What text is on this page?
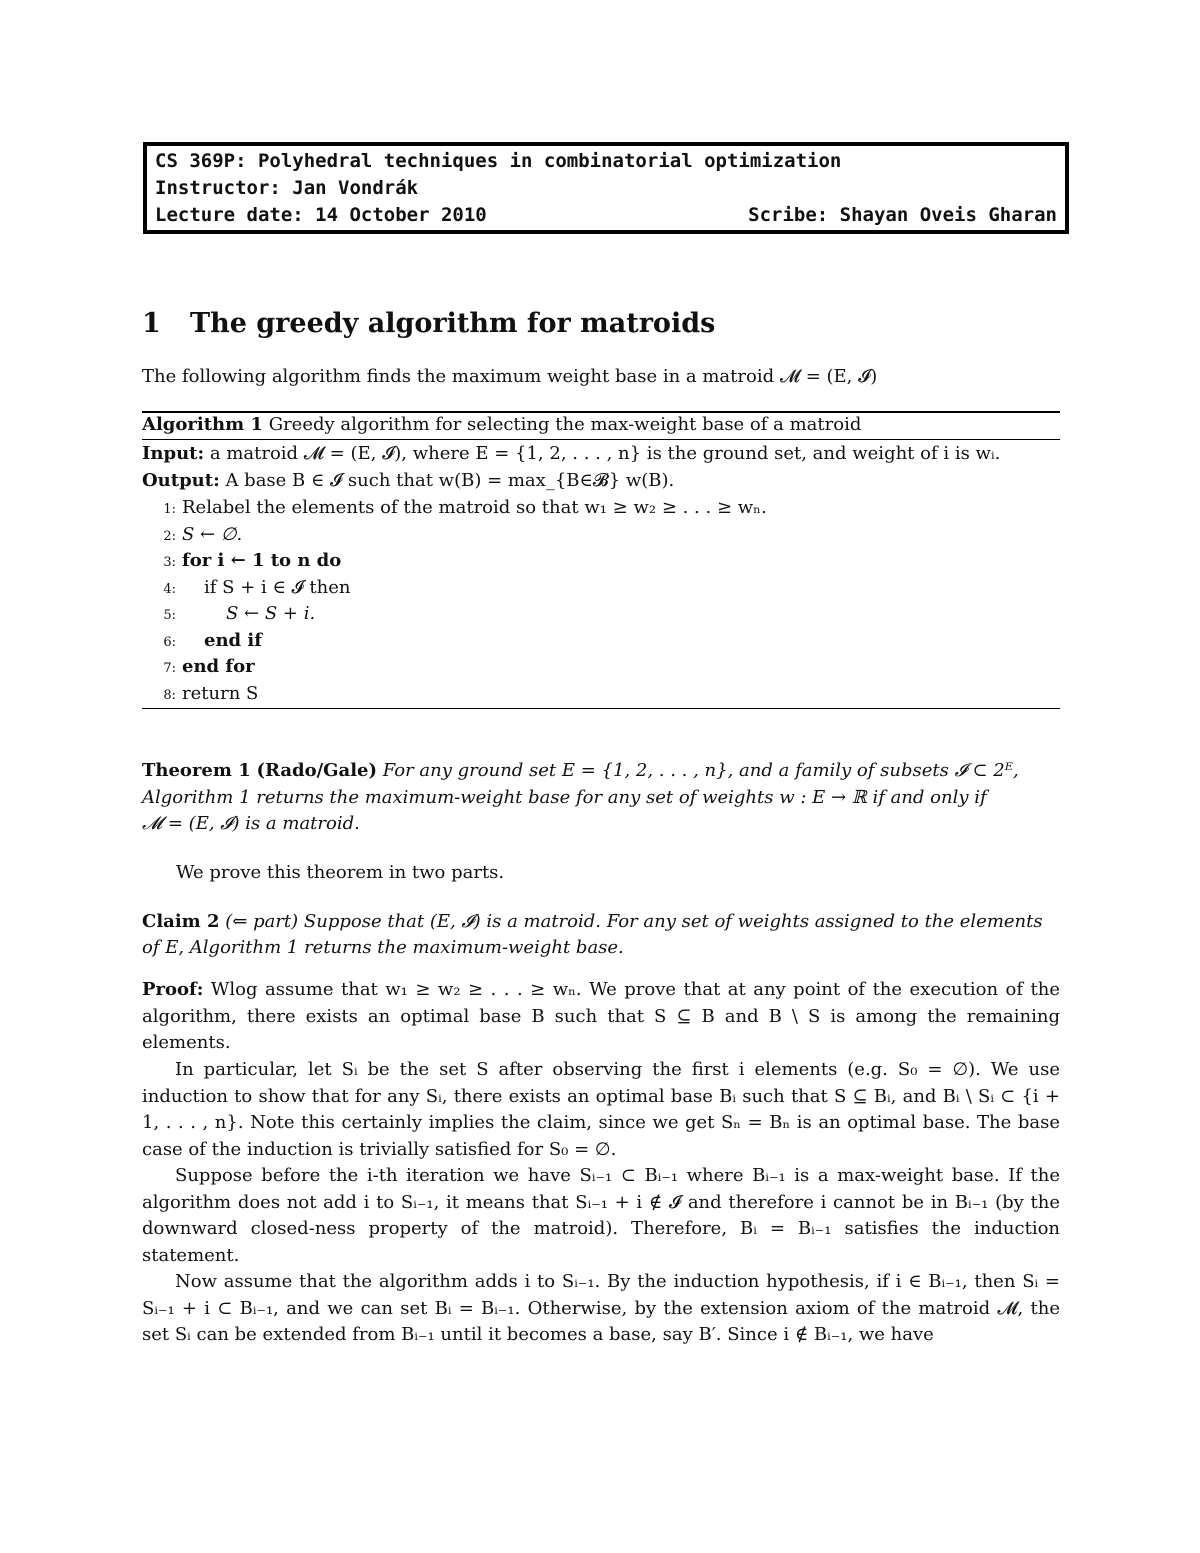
CS 369P: Polyhedral techniques in combinatorial optimization
Instructor: Jan Vondrák
Lecture date: 14 October 2010	Scribe: Shayan Oveis Gharan
1 The greedy algorithm for matroids
The following algorithm finds the maximum weight base in a matroid 𝓜 = (E, 𝓘)
Algorithm 1 Greedy algorithm for selecting the max-weight base of a matroid
Input: a matroid 𝓜 = (E, 𝓘), where E = {1, 2, . . . , n} is the ground set, and weight of i is wᵢ.
Output: A base B ∈ 𝓘 such that w(B) = max_{B∈𝓑} w(B).
1: Relabel the elements of the matroid so that w₁ ≥ w₂ ≥ . . . ≥ wₙ.
2: S ← ∅.
3: for i ← 1 to n do
4: if S + i ∈ 𝓘 then
5:	S ← S + i.
6: end if
7: end for
8: return S
Theorem 1 (Rado/Gale) For any ground set E = {1, 2, . . . , n}, and a family of subsets 𝓘 ⊂ 2ᴱ,
Algorithm 1 returns the maximum-weight base for any set of weights w : E → ℝ if and only if
𝓜 = (E, 𝓘) is a matroid.
We prove this theorem in two parts.
Claim 2 (⇐ part) Suppose that (E, 𝓘) is a matroid. For any set of weights assigned to the elements
of E, Algorithm 1 returns the maximum-weight base.
Proof: Wlog assume that w₁ ≥ w₂ ≥ . . . ≥ wₙ. We prove that at any point of the execution of the algorithm, there exists an optimal base B such that S ⊆ B and B \ S is among the remaining elements.
In particular, let Sᵢ be the set S after observing the first i elements (e.g. S₀ = ∅). We use induction to show that for any Sᵢ, there exists an optimal base Bᵢ such that S ⊆ Bᵢ, and Bᵢ \ Sᵢ ⊂ {i + 1, . . . , n}. Note this certainly implies the claim, since we get Sₙ = Bₙ is an optimal base. The base case of the induction is trivially satisfied for S₀ = ∅.
Suppose before the i-th iteration we have Sᵢ₋₁ ⊂ Bᵢ₋₁ where Bᵢ₋₁ is a max-weight base. If the algorithm does not add i to Sᵢ₋₁, it means that Sᵢ₋₁ + i ∉ 𝓘 and therefore i cannot be in Bᵢ₋₁ (by the downward closed-ness property of the matroid). Therefore, Bᵢ = Bᵢ₋₁ satisfies the induction statement.
Now assume that the algorithm adds i to Sᵢ₋₁. By the induction hypothesis, if i ∈ Bᵢ₋₁, then Sᵢ = Sᵢ₋₁ + i ⊂ Bᵢ₋₁, and we can set Bᵢ = Bᵢ₋₁. Otherwise, by the extension axiom of the matroid 𝓜, the set Sᵢ can be extended from Bᵢ₋₁ until it becomes a base, say B′. Since i ∉ Bᵢ₋₁, we have
